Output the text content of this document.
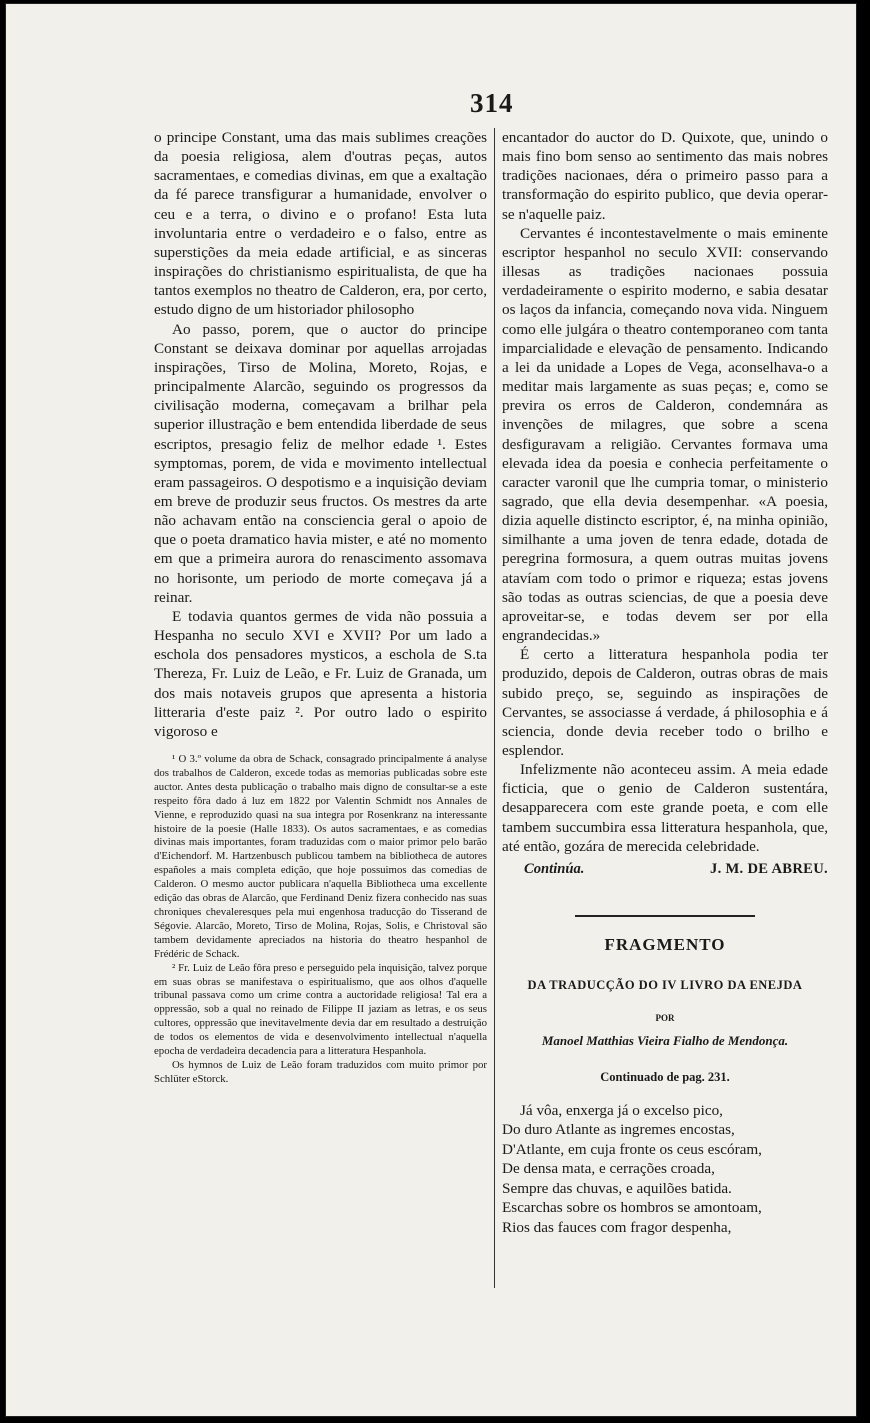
314

o principe Constant, uma das mais sublimes creações da poesia religiosa, alem d'outras peças, autos sacramentaes, e comedias divinas, em que a exaltação da fé parece transfigurar a humanidade, envolver o ceu e a terra, o divino e o profano! Esta luta involuntaria entre o verdadeiro e o falso, entre as superstições da meia edade artificial, e as sinceras inspirações do christianismo espiritualista, de que ha tantos exemplos no theatro de Calderon, era, por certo, estudo digno de um historiador philosopho

Ao passo, porem, que o auctor do principe Constant se deixava dominar por aquellas arrojadas inspirações, Tirso de Molina, Moreto, Rojas, e principalmente Alarcão, seguindo os progressos da civilisação moderna, começavam a brilhar pela superior illustração e bem entendida liberdade de seus escriptos, presagio feliz de melhor edade ¹. Estes symptomas, porem, de vida e movimento intellectual eram passageiros. O despotismo e a inquisição deviam em breve de produzir seus fructos. Os mestres da arte não achavam então na consciencia geral o apoio de que o poeta dramatico havia mister, e até no momento em que a primeira aurora do renascimento assomava no horisonte, um periodo de morte começava já a reinar.

E todavia quantos germes de vida não possuia a Hespanha no seculo XVI e XVII? Por um lado a eschola dos pensadores mysticos, a eschola de S.ta Thereza, Fr. Luiz de Leão, e Fr. Luiz de Granada, um dos mais notaveis grupos que apresenta a historia litteraria d'este paiz ². Por outro lado o espirito vigoroso e

¹ O 3.º volume da obra de Schack, consagrado principalmente á analyse dos trabalhos de Calderon, excede todas as memorias publicadas sobre este auctor. Antes desta publicação o trabalho mais digno de consultar-se a este respeito fôra dado á luz em 1822 por Valentin Schmidt nos Annales de Vienne, e reproduzido quasi na sua integra por Rosenkranz na interessante histoire de la poesie (Halle 1833). Os autos sacramentaes, e as comedias divinas mais importantes, foram traduzidas com o maior primor pelo barão d'Eichendorf. M. Hartzenbusch publicou tambem na bibliotheca de autores españoles a mais completa edição, que hoje possuimos das comedias de Calderon. O mesmo auctor publicara n'aquella Bibliotheca uma excellente edição das obras de Alarcão, que Ferdinand Deniz fizera conhecido nas suas chroniques chevaleresques pela mui engenhosa traducção do Tisserand de Ségovie. Alarcão, Moreto, Tirso de Molina, Rojas, Solis, e Christoval são tambem devidamente apreciados na historia do theatro hespanhol de Frédéric de Schack.

² Fr. Luiz de Leão fôra preso e perseguido pela inquisição, talvez porque em suas obras se manifestava o espiritualismo, que aos olhos d'aquelle tribunal passava como um crime contra a auctoridade religiosa! Tal era a oppressão, sob a qual no reinado de Filippe II jaziam as letras, e os seus cultores, oppressão que inevitavelmente devia dar em resultado a destruição de todos os elementos de vida e desenvolvimento intellectual n'aquella epocha de verdadeira decadencia para a litteratura Hespanhola.

Os hymnos de Luiz de Leão foram traduzidos com muito primor por Schlüter eStorck.

encantador do auctor do D. Quixote, que, unindo o mais fino bom senso ao sentimento das mais nobres tradições nacionaes, déra o primeiro passo para a transformação do espirito publico, que devia operar-se n'aquelle paiz.

Cervantes é incontestavelmente o mais eminente escriptor hespanhol no seculo XVII: conservando illesas as tradições nacionaes possuia verdadeiramente o espirito moderno, e sabia desatar os laços da infancia, começando nova vida. Ninguem como elle julgára o theatro contemporaneo com tanta imparcialidade e elevação de pensamento. Indicando a lei da unidade a Lopes de Vega, aconselhava-o a meditar mais largamente as suas peças; e, como se previra os erros de Calderon, condemnára as invenções de milagres, que sobre a scena desfiguravam a religião. Cervantes formava uma elevada idea da poesia e conhecia perfeitamente o caracter varonil que lhe cumpria tomar, o ministerio sagrado, que ella devia desempenhar. «A poesia, dizia aquelle distincto escriptor, é, na minha opinião, similhante a uma joven de tenra edade, dotada de peregrina formosura, a quem outras muitas jovens atavíam com todo o primor e riqueza; estas jovens são todas as outras sciencias, de que a poesia deve aproveitar-se, e todas devem ser por ella engrandecidas.»

É certo a litteratura hespanhola podia ter produzido, depois de Calderon, outras obras de mais subido preço, se, seguindo as inspirações de Cervantes, se associasse á verdade, á philosophia e á sciencia, donde devia receber todo o brilho e esplendor.

Infelizmente não aconteceu assim. A meia edade ficticia, que o genio de Calderon sustentára, desapparecera com este grande poeta, e com elle tambem succumbira essa litteratura hespanhola, que, até então, gozára de merecida celebridade.

Continúa.	J. M. DE ABREU.
FRAGMENTO
DA TRADUCÇÃO DO IV LIVRO DA ENEJDA
POR
Manoel Matthias Vieira Fialho de Mendonça.
Continuado de pag. 231.
Já vôa, enxerga já o excelso pico,
Do duro Atlante as ingremes encostas,
D'Atlante, em cuja fronte os ceus escóram,
De densa mata, e cerrações croada,
Sempre das chuvas, e aquilões batida.
Escarchas sobre os hombros se amontoam,
Rios das fauces com fragor despenha,
